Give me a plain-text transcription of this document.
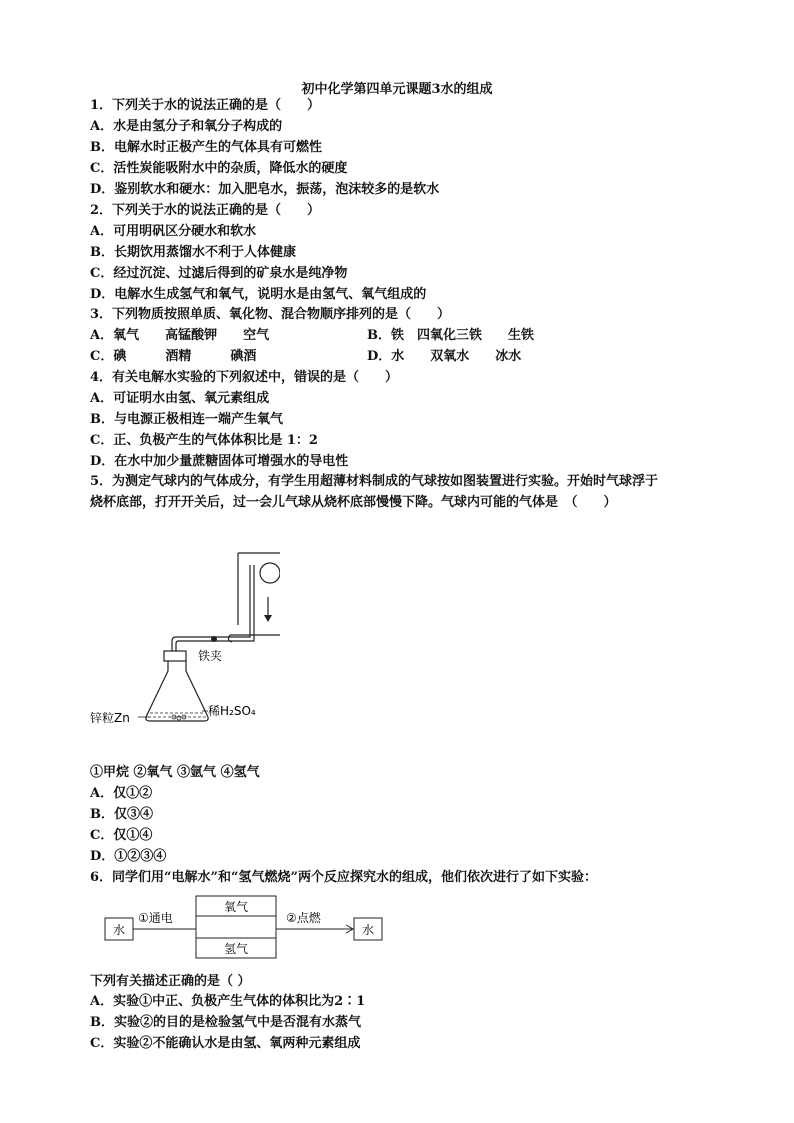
初中化学第四单元课题3水的组成
1．下列关于水的说法正确的是（　　）
A．水是由氢分子和氧分子构成的
B．电解水时正极产生的气体具有可燃性
C．活性炭能吸附水中的杂质，降低水的硬度
D．鉴别软水和硬水：加入肥皂水，振荡，泡沫较多的是软水
2．下列关于水的说法正确的是（　　）
A．可用明矾区分硬水和软水
B．长期饮用蒸馏水不利于人体健康
C．经过沉淀、过滤后得到的矿泉水是纯净物
D．电解水生成氢气和氧气，说明水是由氢气、氧气组成的
3．下列物质按照单质、氧化物、混合物顺序排列的是（　　）
A．氧气　　高锰酸钾　　空气	B．铁　四氧化三铁　　生铁
C．碘　　　酒精　　　碘酒	D．水　　双氧水　　冰水
4．有关电解水实验的下列叙述中，错误的是（　　）
A．可证明水由氢、氧元素组成
B．与电源正极相连一端产生氧气
C．正、负极产生的气体体积比是 1：2
D．在水中加少量蔗糖固体可增强水的导电性
5．为测定气球内的气体成分，有学生用超薄材料制成的气球按如图装置进行实验。开始时气球浮于
烧杯底部，打开开关后，过一会儿气球从烧杯底部慢慢下降。气球内可能的气体是　（　　）
铁夹
锌粒Zn	稀H₂SO₄
①甲烷 ②氧气 ③氩气 ④氢气
A．仅①②
B．仅③④
C．仅①④
D．①②③④
6．同学们用“电解水”和“氢气燃烧”两个反应探究水的组成，他们依次进行了如下实验：
水
①通电
氧气
氢气
②点燃
水
下列有关描述正确的是（ ）
A．实验①中正、负极产生气体的体积比为2∶1
B．实验②的目的是检验氢气中是否混有水蒸气
C．实验②不能确认水是由氢、氧两种元素组成
